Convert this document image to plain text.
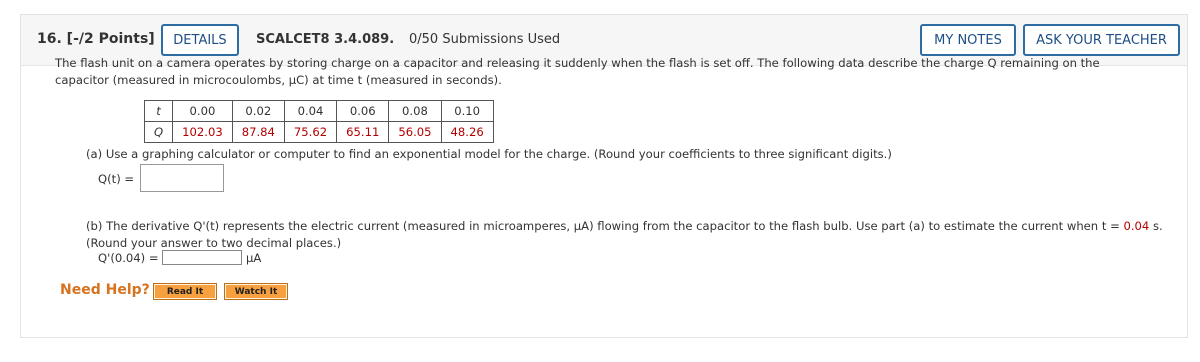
16. [-/2 Points]	DETAILS	SCALCET8 3.4.089. 0/50 Submissions Used	MY NOTES	ASK YOUR TEACHER
The flash unit on a camera operates by storing charge on a capacitor and releasing it suddenly when the flash is set off. The following data describe the charge Q remaining on the capacitor (measured in microcoulombs, μC) at time t (measured in seconds).
t	0.00	0.02	0.04	0.06	0.08	0.10
Q	102.03	87.84	75.62	65.11	56.05	48.26
(a) Use a graphing calculator or computer to find an exponential model for the charge. (Round your coefficients to three significant digits.)
Q(t) =
(b) The derivative Q'(t) represents the electric current (measured in microamperes, μA) flowing from the capacitor to the flash bulb. Use part (a) to estimate the current when t = 0.04 s. (Round your answer to two decimal places.)
Q'(0.04) =	μA
Need Help?	Read It	Watch It
